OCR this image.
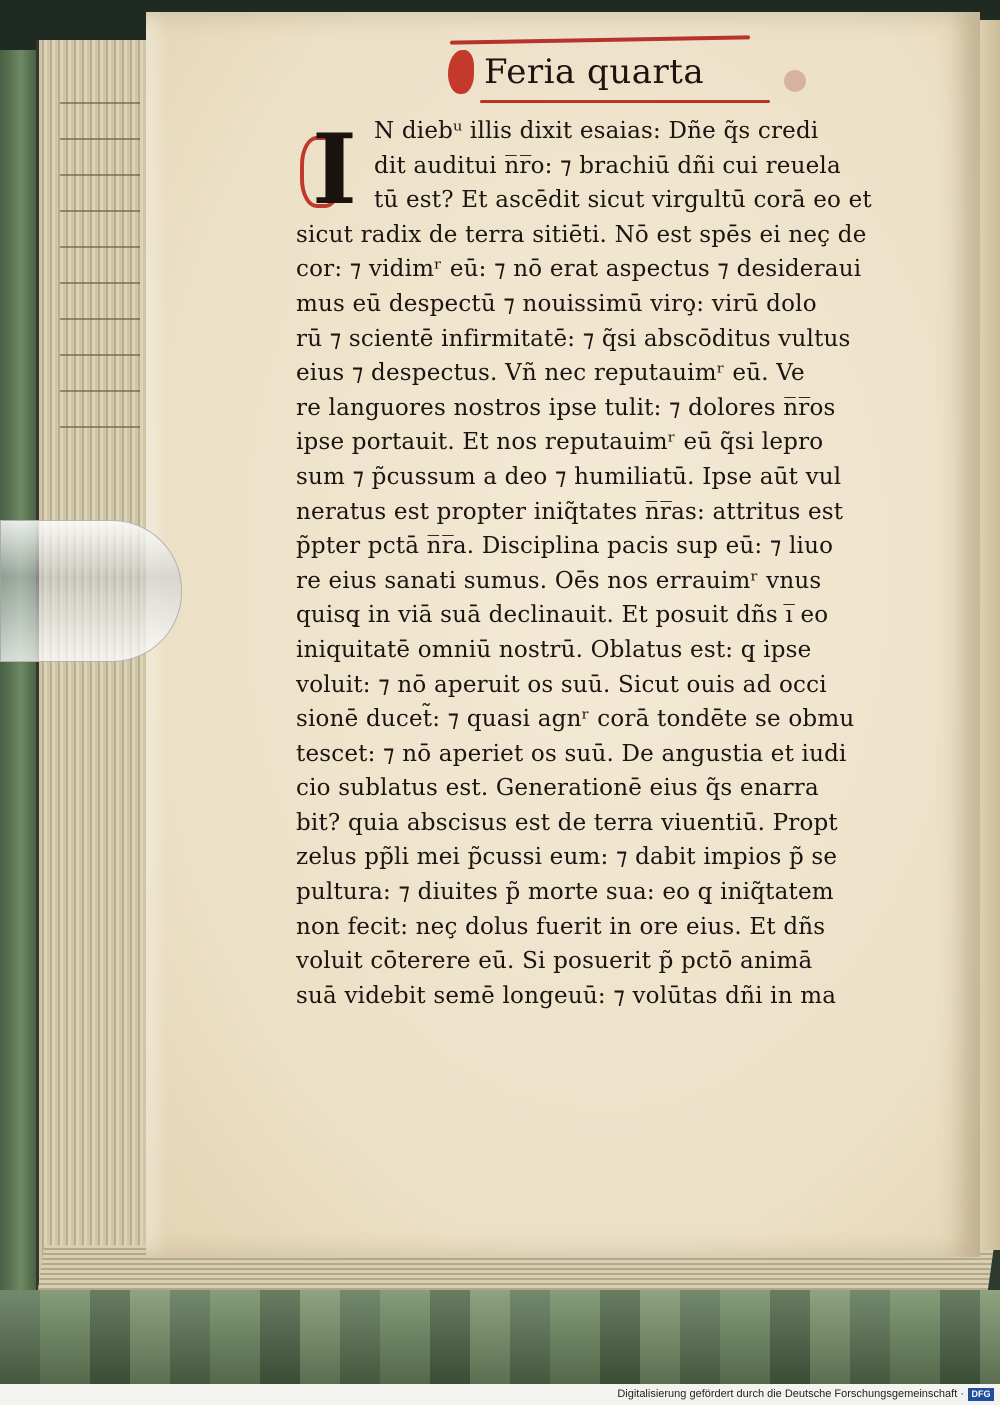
Feria quarta
I N diebᵘ illis dixit esaias: Dñe q̃s credi
dit auditui n̅r̅o: ⁊ brachiū dñi cui reuela
tū est? Et ascēdit sicut virgultū corā eo et
sicut radix de terra sitiēti. Nō est spēs ei neç de
cor: ⁊ vidimʳ eū: ⁊ nō erat aspectus ⁊ desideraui
mus eū despectū ⁊ nouissimū viro̧: virū dolo
rū ⁊ scientē infirmitatē: ⁊ q̃si abscōditus vultus
eius ⁊ despectus. Vñ nec reputauimʳ eū. Ve
re languores nostros ipse tulit: ⁊ dolores n̅r̅os
ipse portauit. Et nos reputauimʳ eū q̃si lepro
sum ⁊ p̃cussum a deo ⁊ humiliatū. Ipse aūt vul
neratus est propter iniq̃tates n̅r̅as: attritus est
p̃pter pctā n̅r̅a. Disciplina pacis sup eū: ⁊ liuo
re eius sanati sumus. Oēs nos errauimʳ vnus
quisq̧ in viā suā declinauit. Et posuit dñs i̅ eo
iniquitatē omniū nostrū. Oblatus est: q̧ ipse
voluit: ⁊ nō aperuit os suū. Sicut ouis ad occi
sionē ducet̃: ⁊ quasi agnʳ corā tondēte se obmu
tescet: ⁊ nō aperiet os suū. De angustia et iudi
cio sublatus est. Generationē eius q̃s enarra
bit? quia abscisus est de terra viuentiū. Propt
zelus pp̃li mei p̃cussi eum: ⁊ dabit impios p̃ se
pultura: ⁊ diuites p̃ morte sua: eo q̧ iniq̃tatem
non fecit: neç dolus fuerit in ore eius. Et dñs
voluit cōterere eū. Si posuerit p̃ pctō animā
suā videbit semē longeuū: ⁊ volūtas dñi in ma
Digitalisierung gefördert durch die Deutsche Forschungsgemeinschaft · DFG
